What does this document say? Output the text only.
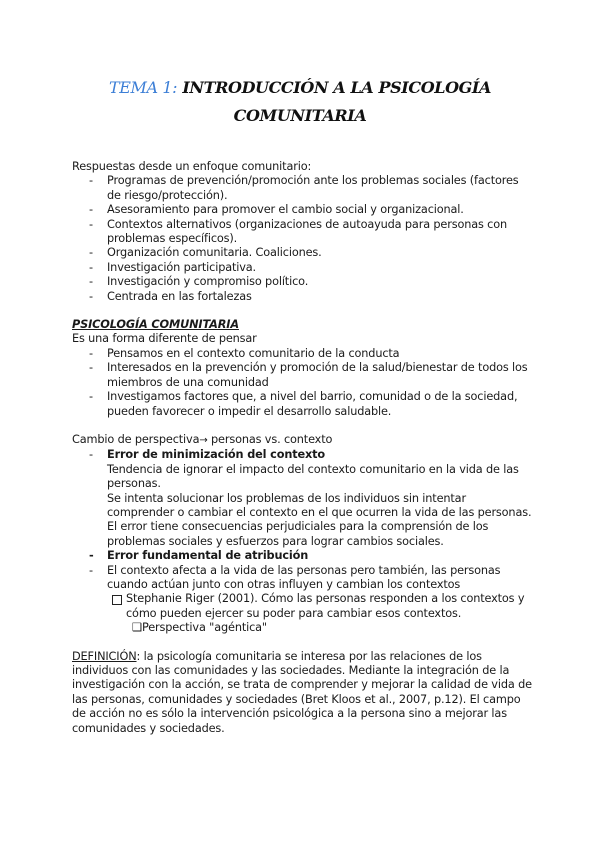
TEMA 1: INTRODUCCIÓN A LA PSICOLOGÍA
COMUNITARIA

Respuestas desde un enfoque comunitario:

- Programas de prevención/promoción ante los problemas sociales (factores de riesgo/protección).
- Asesoramiento para promover el cambio social y organizacional.
- Contextos alternativos (organizaciones de autoayuda para personas con problemas específicos).
- Organización comunitaria. Coaliciones.
- Investigación participativa.
- Investigación y compromiso político.
- Centrada en las fortalezas

PSICOLOGÍA COMUNITARIA

Es una forma diferente de pensar

- Pensamos en el contexto comunitario de la conducta
- Interesados en la prevención y promoción de la salud/bienestar de todos los miembros de una comunidad
- Investigamos factores que, a nivel del barrio, comunidad o de la sociedad, pueden favorecer o impedir el desarrollo saludable.

Cambio de perspectiva→ personas vs. contexto

- Error de minimización del contexto
Tendencia de ignorar el impacto del contexto comunitario en la vida de las personas.
Se intenta solucionar los problemas de los individuos sin intentar comprender o cambiar el contexto en el que ocurren la vida de las personas.
El error tiene consecuencias perjudiciales para la comprensión de los problemas sociales y esfuerzos para lograr cambios sociales.
- Error fundamental de atribución
- El contexto afecta a la vida de las personas pero también, las personas cuando actúan junto con otras influyen y cambian los contextos
Stephanie Riger (2001). Cómo las personas responden a los contextos y cómo pueden ejercer su poder para cambiar esos contextos.
❑Perspectiva "agéntica"

DEFINICIÓN: la psicología comunitaria se interesa por las relaciones de los individuos con las comunidades y las sociedades. Mediante la integración de la investigación con la acción, se trata de comprender y mejorar la calidad de vida de las personas, comunidades y sociedades (Bret Kloos et al., 2007, p.12). El campo de acción no es sólo la intervención psicológica a la persona sino a mejorar las comunidades y sociedades.
